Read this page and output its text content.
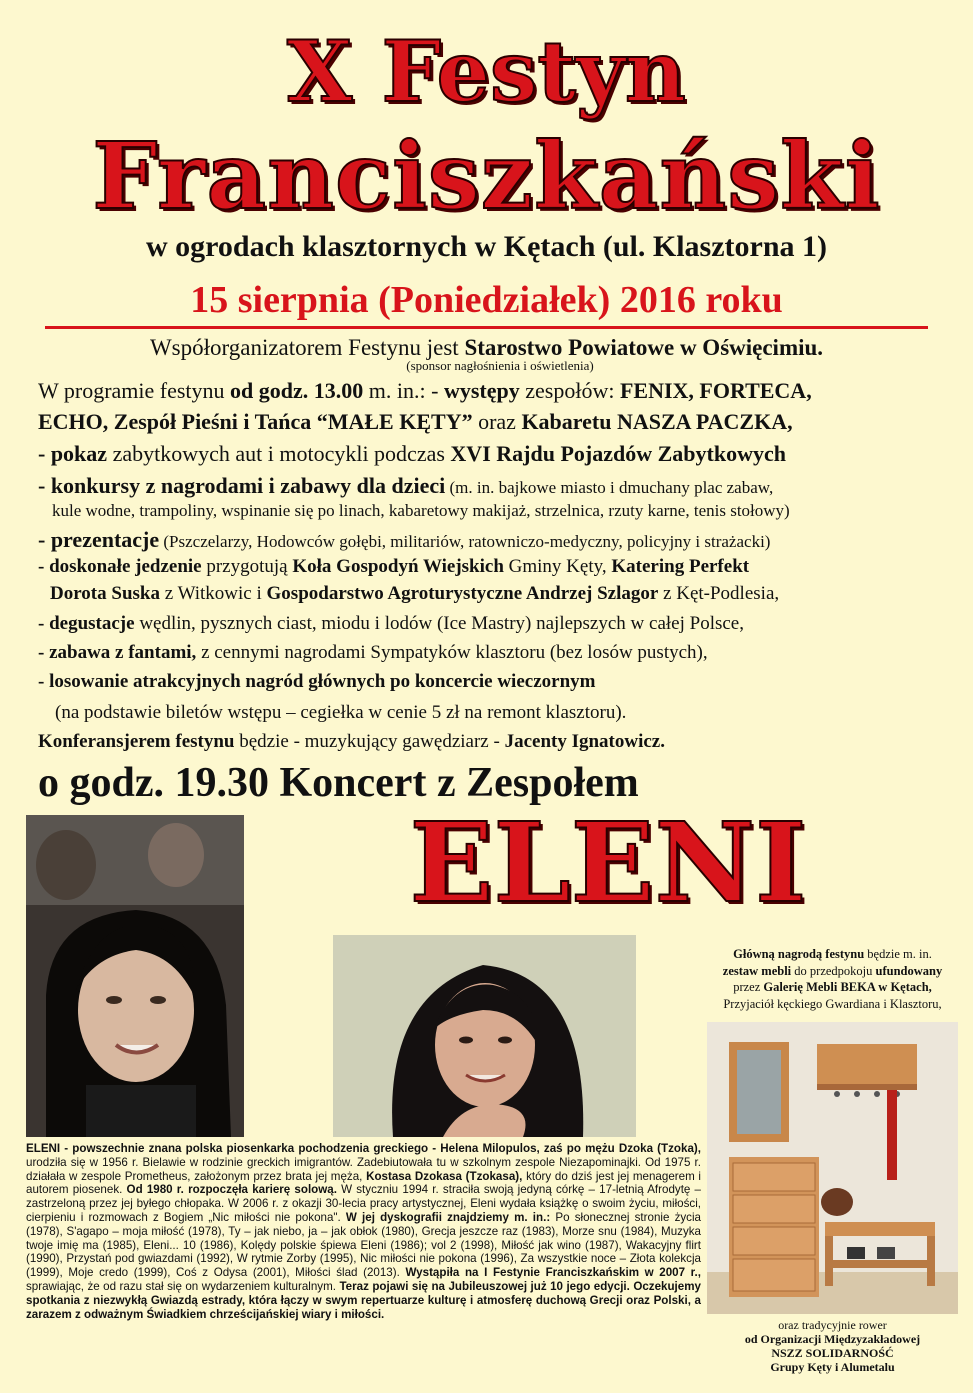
X Festyn
Franciszkański
w ogrodach klasztornych w Kętach (ul. Klasztorna 1)
15 sierpnia (Poniedziałek) 2016 roku
Współorganizatorem Festynu jest Starostwo Powiatowe w Oświęcimiu.
(sponsor nagłośnienia i oświetlenia)
W programie festynu od godz. 13.00 m. in.: - występy zespołów: FENIX, FORTECA,
ECHO, Zespół Pieśni i Tańca “MAŁE KĘTY” oraz Kabaretu NASZA PACZKA,
- pokaz zabytkowych aut i motocykli podczas XVI Rajdu Pojazdów Zabytkowych
- konkursy z nagrodami i zabawy dla dzieci (m. in. bajkowe miasto i dmuchany plac zabaw,
kule wodne, trampoliny, wspinanie się po linach, kabaretowy makijaż, strzelnica, rzuty karne, tenis stołowy)
- prezentacje (Pszczelarzy, Hodowców gołębi, militariów, ratowniczo-medyczny, policyjny i strażacki)
- doskonałe jedzenie przygotują Koła Gospodyń Wiejskich Gminy Kęty, Katering Perfekt
Dorota Suska z Witkowic i Gospodarstwo Agroturystyczne Andrzej Szlagor z Kęt-Podlesia,
- degustacje wędlin, pysznych ciast, miodu i lodów (Ice Mastry) najlepszych w całej Polsce,
- zabawa z fantami, z cennymi nagrodami Sympatyków klasztoru (bez losów pustych),
- losowanie atrakcyjnych nagród głównych po koncercie wieczornym
(na podstawie biletów wstępu – cegiełka w cenie 5 zł na remont klasztoru).
Konferansjerem festynu będzie - muzykujący gawędziarz - Jacenty Ignatowicz.
o godz. 19.30 Koncert z Zespołem
ELENI
Główną nagrodą festynu będzie m. in.
zestaw mebli do przedpokoju ufundowany
przez Galerię Mebli BEKA w Kętach,
Przyjaciół kęckiego Gwardiana i Klasztoru,
ELENI - powszechnie znana polska piosenkarka pochodzenia greckiego - Helena Milopulos, zaś po mężu Dzoka (Tzoka), urodziła się w 1956 r. Bielawie w rodzinie greckich imigrantów. Zadebiutowała tu w szkolnym zespole Niezapominajki. Od 1975 r. działała w zespole Prometheus, założonym przez brata jej męża, Kostasa Dzokasa (Tzokasa), który do dziś jest jej menagerem i autorem piosenek. Od 1980 r. rozpoczęła karierę solową. W styczniu 1994 r. straciła swoją jedyną córkę – 17-letnią Afrodytę – zastrzeloną przez jej byłego chłopaka. W 2006 r. z okazji 30-lecia pracy artystycznej, Eleni wydała książkę o swoim życiu, miłości, cierpieniu i rozmowach z Bogiem „Nic miłości nie pokona". W jej dyskografii znajdziemy m. in.: Po słonecznej stronie życia (1978), S'agapo – moja miłość (1978), Ty – jak niebo, ja – jak obłok (1980), Grecja jeszcze raz (1983), Morze snu (1984), Muzyka twoje imię ma (1985), Eleni... 10 (1986), Kolędy polskie śpiewa Eleni (1986); vol 2 (1998), Miłość jak wino (1987), Wakacyjny flirt (1990), Przystań pod gwiazdami (1992), W rytmie Zorby (1995), Nic miłości nie pokona (1996), Za wszystkie noce – Złota kolekcja (1999), Moje credo (1999), Coś z Odysa (2001), Miłości ślad (2013). Wystąpiła na I Festynie Franciszkańskim w 2007 r., sprawiając, że od razu stał się on wydarzeniem kulturalnym. Teraz pojawi się na Jubileuszowej już 10 jego edycji. Oczekujemy spotkania z niezwykłą Gwiazdą estrady, która łączy w swym repertuarze kulturę i atmosferę duchową Grecji oraz Polski, a zarazem z odważnym Świadkiem chrześcijańskiej wiary i miłości.
oraz tradycyjnie rower
od Organizacji Międzyzakładowej
NSZZ SOLIDARNOŚĆ
Grupy Kęty i Alumetalu
